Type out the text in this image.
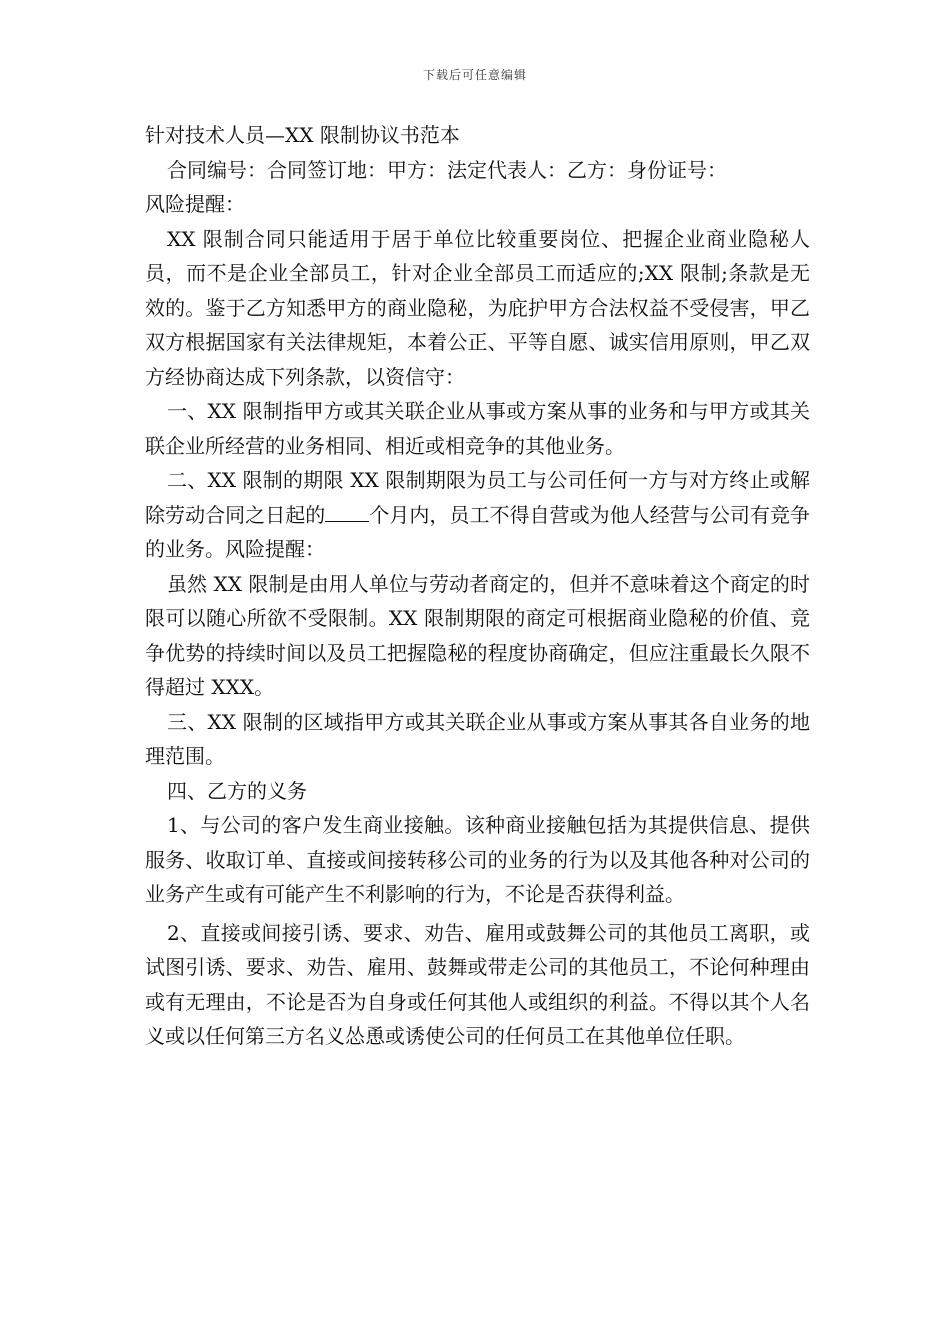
下载后可任意编辑

针对技术人员—XX 限制协议书范本

合同编号：合同签订地：甲方：法定代表人：乙方：身份证号：

风险提醒：

XX 限制合同只能适用于居于单位比较重要岗位、把握企业商业隐秘人员，而不是企业全部员工，针对企业全部员工而适应的;XX 限制;条款是无效的。鉴于乙方知悉甲方的商业隐秘，为庇护甲方合法权益不受侵害，甲乙双方根据国家有关法律规矩，本着公正、平等自愿、诚实信用原则，甲乙双方经协商达成下列条款，以资信守：

一、XX 限制指甲方或其关联企业从事或方案从事的业务和与甲方或其关联企业所经营的业务相同、相近或相竞争的其他业务。

二、XX 限制的期限 XX 限制期限为员工与公司任何一方与对方终止或解除劳动合同之日起的 个月内，员工不得自营或为他人经营与公司有竞争的业务。风险提醒：

虽然 XX 限制是由用人单位与劳动者商定的，但并不意味着这个商定的时限可以随心所欲不受限制。XX 限制期限的商定可根据商业隐秘的价值、竞争优势的持续时间以及员工把握隐秘的程度协商确定，但应注重最长久限不得超过 XXX。

三、XX 限制的区域指甲方或其关联企业从事或方案从事其各自业务的地理范围。

四、乙方的义务

1、与公司的客户发生商业接触。该种商业接触包括为其提供信息、提供服务、收取订单、直接或间接转移公司的业务的行为以及其他各种对公司的业务产生或有可能产生不利影响的行为，不论是否获得利益。

2、直接或间接引诱、要求、劝告、雇用或鼓舞公司的其他员工离职，或试图引诱、要求、劝告、雇用、鼓舞或带走公司的其他员工，不论何种理由或有无理由，不论是否为自身或任何其他人或组织的利益。不得以其个人名义或以任何第三方名义怂恿或诱使公司的任何员工在其他单位任职。
